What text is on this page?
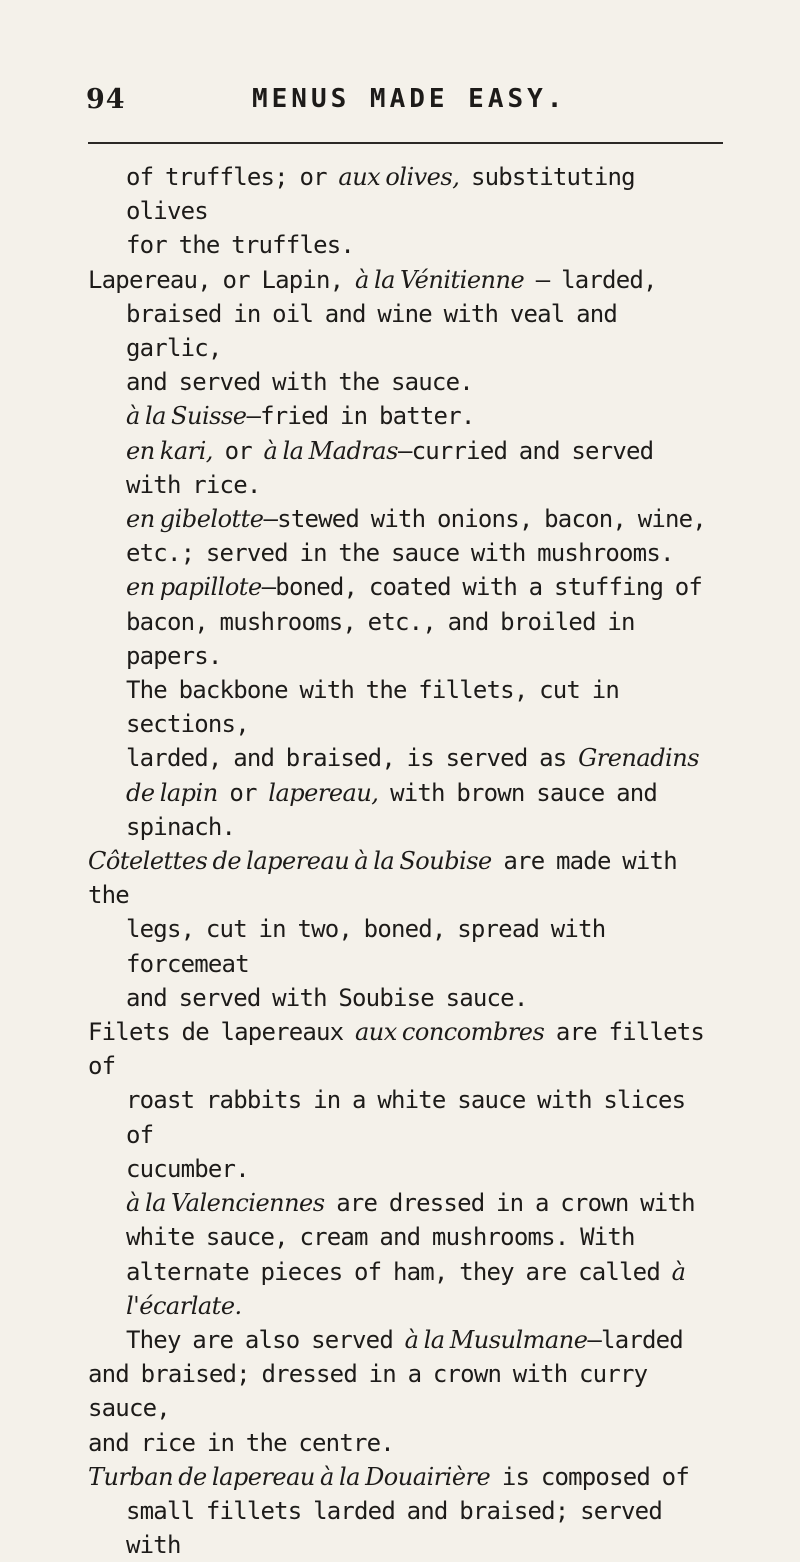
94	MENUS MADE EASY.

of truffles; or aux olives, substituting olives

for the truffles.

Lapereau, or Lapin, à la Vénitienne — larded,

braised in oil and wine with veal and garlic,

and served with the sauce.

à la Suisse—fried in batter.

en kari, or à la Madras—curried and served

with rice.

en gibelotte—stewed with onions, bacon, wine,

etc.; served in the sauce with mushrooms.

en papillote—boned, coated with a stuffing of

bacon, mushrooms, etc., and broiled in papers.

The backbone with the fillets, cut in sections,

larded, and braised, is served as Grenadins

de lapin or lapereau, with brown sauce and

spinach.

Côtelettes de lapereau à la Soubise are made with the

legs, cut in two, boned, spread with forcemeat

and served with Soubise sauce.

Filets de lapereaux aux concombres are fillets of

roast rabbits in a white sauce with slices of

cucumber.

à la Valenciennes are dressed in a crown with

white sauce, cream and mushrooms. With

alternate pieces of ham, they are called à

l'écarlate.

They are also served à la Musulmane—larded

and braised; dressed in a crown with curry sauce,

and rice in the centre.

Turban de lapereau à la Douairière is composed of

small fillets larded and braised; served with
